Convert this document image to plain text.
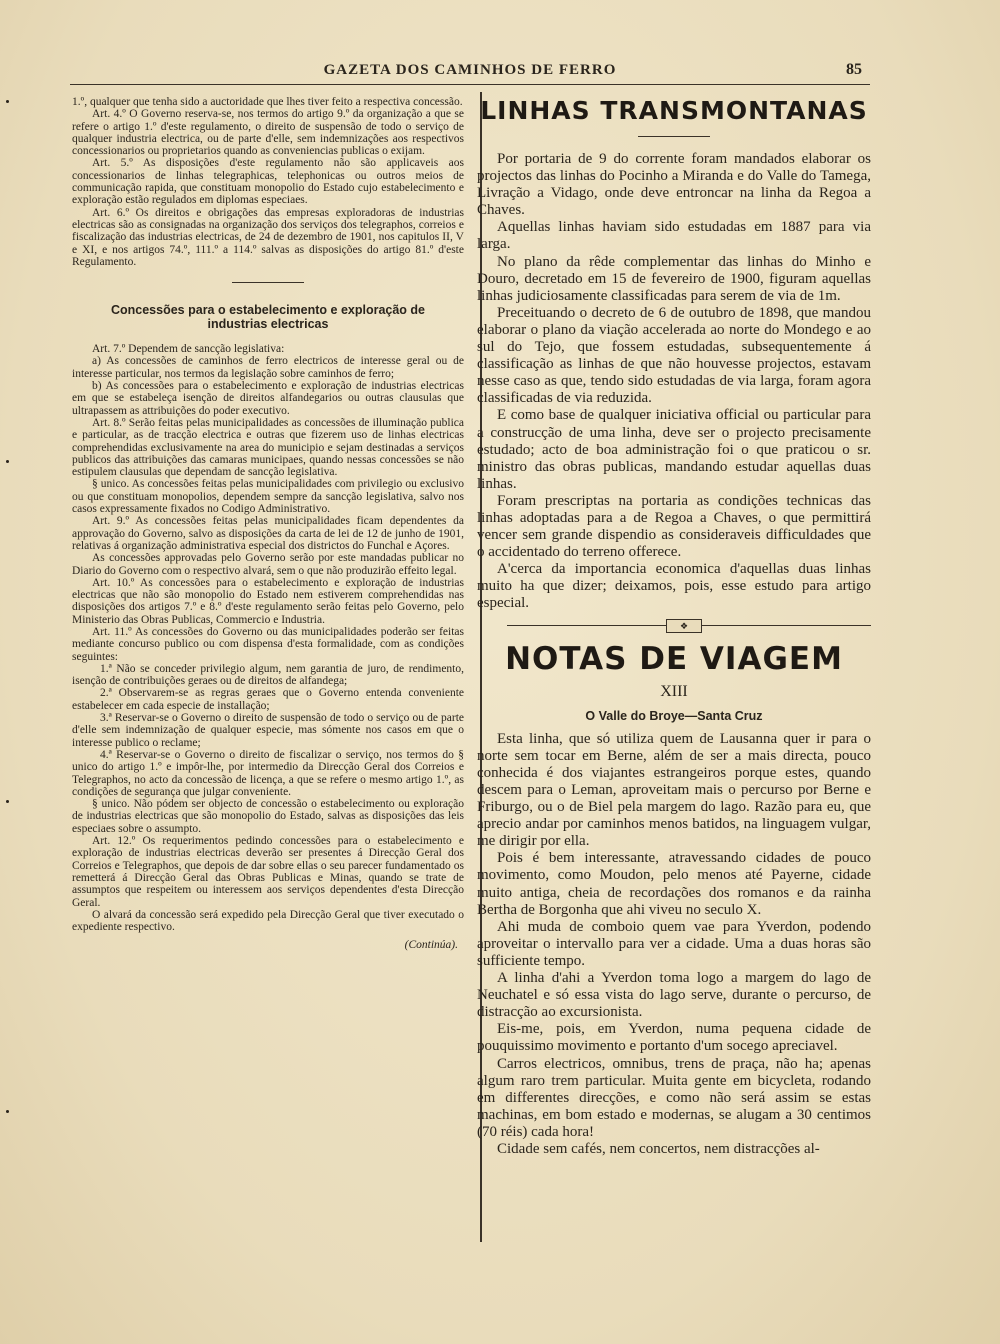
GAZETA DOS CAMINHOS DE FERRO	85

1.º, qualquer que tenha sido a auctoridade que lhes tiver feito a respectiva concessão.

Art. 4.º O Governo reserva-se, nos termos do artigo 9.º da organização a que se refere o artigo 1.º d'este regulamento, o direito de suspensão de todo o serviço de qualquer industria electrica, ou de parte d'elle, sem indemnizações aos respectivos concessionarios ou proprietarios quando as conveniencias publicas o exijam.

Art. 5.º As disposições d'este regulamento não são applicaveis aos concessionarios de linhas telegraphicas, telephonicas ou outros meios de communicação rapida, que constituam monopolio do Estado cujo estabelecimento e exploração estão regulados em diplomas especiaes.

Art. 6.º Os direitos e obrigações das empresas exploradoras de industrias electricas são as consignadas na organização dos serviços dos telegraphos, correios e fiscalização das industrias electricas, de 24 de dezembro de 1901, nos capitulos II, V e XI, e nos artigos 74.º, 111.º a 114.º salvas as disposições do artigo 81.º d'este Regulamento.

Concessões para o estabelecimento e exploração de industrias electricas

Art. 7.º Dependem de sancção legislativa:

a) As concessões de caminhos de ferro electricos de interesse geral ou de interesse particular, nos termos da legislação sobre caminhos de ferro;

b) As concessões para o estabelecimento e exploração de industrias electricas em que se estabeleça isenção de direitos alfandegarios ou outras clausulas que ultrapassem as attribuições do poder executivo.

Art. 8.º Serão feitas pelas municipalidades as concessões de illuminação publica e particular, as de tracção electrica e outras que fizerem uso de linhas electricas comprehendidas exclusivamente na area do municipio e sejam destinadas a serviços publicos das attribuições das camaras municipaes, quando nessas concessões se não estipulem clausulas que dependam de sancção legislativa.

§ unico. As concessões feitas pelas municipalidades com privilegio ou exclusivo ou que constituam monopolios, dependem sempre da sancção legislativa, salvo nos casos expressamente fixados no Codigo Administrativo.

Art. 9.º As concessões feitas pelas municipalidades ficam dependentes da approvação do Governo, salvo as disposições da carta de lei de 12 de junho de 1901, relativas á organização administrativa especial dos districtos do Funchal e Açores.

As concessões approvadas pelo Governo serão por este mandadas publicar no Diario do Governo com o respectivo alvará, sem o que não produzirão effeito legal.

Art. 10.º As concessões para o estabelecimento e exploração de industrias electricas que não são monopolio do Estado nem estiverem comprehendidas nas disposições dos artigos 7.º e 8.º d'este regulamento serão feitas pelo Governo, pelo Ministerio das Obras Publicas, Commercio e Industria.

Art. 11.º As concessões do Governo ou das municipalidades poderão ser feitas mediante concurso publico ou com dispensa d'esta formalidade, com as condições seguintes:

1.ª Não se conceder privilegio algum, nem garantia de juro, de rendimento, isenção de contribuições geraes ou de direitos de alfandega;

2.ª Observarem-se as regras geraes que o Governo entenda conveniente estabelecer em cada especie de installação;

3.ª Reservar-se o Governo o direito de suspensão de todo o serviço ou de parte d'elle sem indemnização de qualquer especie, mas sómente nos casos em que o interesse publico o reclame;

4.ª Reservar-se o Governo o direito de fiscalizar o serviço, nos termos do § unico do artigo 1.º e impôr-lhe, por intermedio da Direcção Geral dos Correios e Telegraphos, no acto da concessão de licença, a que se refere o mesmo artigo 1.º, as condições de segurança que julgar conveniente.

§ unico. Não pódem ser objecto de concessão o estabelecimento ou exploração de industrias electricas que são monopolio do Estado, salvas as disposições das leis especiaes sobre o assumpto.

Art. 12.º Os requerimentos pedindo concessões para o estabelecimento e exploração de industrias electricas deverão ser presentes á Direcção Geral dos Correios e Telegraphos, que depois de dar sobre ellas o seu parecer fundamentado os remetterá á Direcção Geral das Obras Publicas e Minas, quando se trate de assumptos que respeitem ou interessem aos serviços dependentes d'esta Direcção Geral.

O alvará da concessão será expedido pela Direcção Geral que tiver executado o expediente respectivo.

(Continúa).

LINHAS TRANSMONTANAS

Por portaria de 9 do corrente foram mandados elaborar os projectos das linhas do Pocinho a Miranda e do Valle do Tamega, Livração a Vidago, onde deve entroncar na linha da Regoa a Chaves.

Aquellas linhas haviam sido estudadas em 1887 para via larga.

No plano da rêde complementar das linhas do Minho e Douro, decretado em 15 de fevereiro de 1900, figuram aquellas linhas judiciosamente classificadas para serem de via de 1m.

Preceituando o decreto de 6 de outubro de 1898, que mandou elaborar o plano da viação accelerada ao norte do Mondego e ao sul do Tejo, que fossem estudadas, subsequentemente á classificação as linhas de que não houvesse projectos, estavam nesse caso as que, tendo sido estudadas de via larga, foram agora classificadas de via reduzida.

E como base de qualquer iniciativa official ou particular para a construcção de uma linha, deve ser o projecto precisamente estudado; acto de boa administração foi o que praticou o sr. ministro das obras publicas, mandando estudar aquellas duas linhas.

Foram prescriptas na portaria as condições technicas das linhas adoptadas para a de Regoa a Chaves, o que permittirá vencer sem grande dispendio as consideraveis difficuldades que o accidentado do terreno offerece.

A'cerca da importancia economica d'aquellas duas linhas muito ha que dizer; deixamos, pois, esse estudo para artigo especial.

❖
NOTAS DE VIAGEM
XIII
O Valle do Broye—Santa Cruz

Esta linha, que só utiliza quem de Lausanna quer ir para o norte sem tocar em Berne, além de ser a mais directa, pouco conhecida é dos viajantes estrangeiros porque estes, quando descem para o Leman, aproveitam mais o percurso por Berne e Friburgo, ou o de Biel pela margem do lago. Razão para eu, que aprecio andar por caminhos menos batidos, na linguagem vulgar, me dirigir por ella.

Pois é bem interessante, atravessando cidades de pouco movimento, como Moudon, pelo menos até Payerne, cidade muito antiga, cheia de recordações dos romanos e da rainha Bertha de Borgonha que ahi viveu no seculo X.

Ahi muda de comboio quem vae para Yverdon, podendo aproveitar o intervallo para ver a cidade. Uma a duas horas são sufficiente tempo.

A linha d'ahi a Yverdon toma logo a margem do lago de Neuchatel e só essa vista do lago serve, durante o percurso, de distracção ao excursionista.

Eis-me, pois, em Yverdon, numa pequena cidade de pouquissimo movimento e portanto d'um socego apreciavel.

Carros electricos, omnibus, trens de praça, não ha; apenas algum raro trem particular. Muita gente em bicycleta, rodando em differentes direcções, e como não será assim se estas machinas, em bom estado e modernas, se alugam a 30 centimos (70 réis) cada hora!

Cidade sem cafés, nem concertos, nem distracções al-
